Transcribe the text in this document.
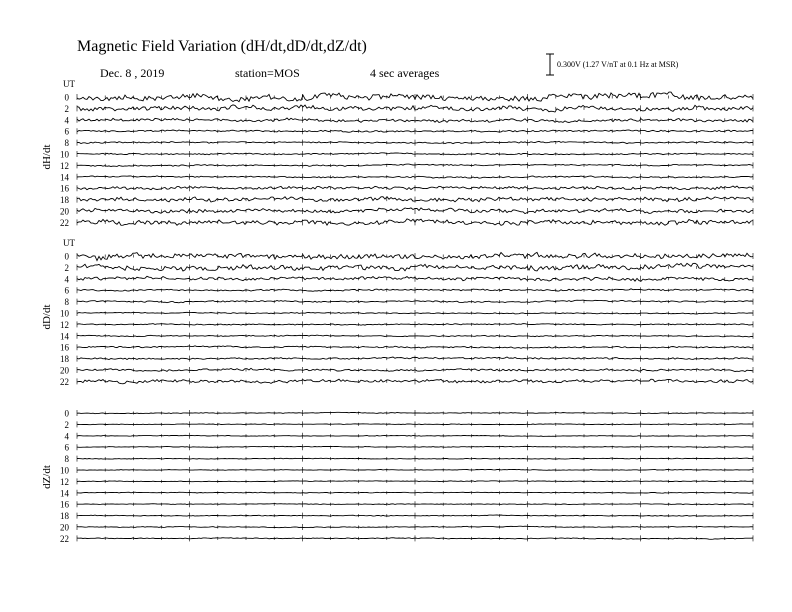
Magnetic Field Variation (dH/dt,dD/dt,dZ/dt)
Dec. 8 , 2019	station=MOS	4 sec averages
0.300V (1.27 V/nT at 0.1 Hz at MSR)
UT
dH/dt
0
2
4
6
8
10
12
14
16
18
20
22
UT
dD/dt
0
2
4
6
8
10
12
14
16
18
20
22
dZ/dt
0
2
4
6
8
10
12
14
16
18
20
22
